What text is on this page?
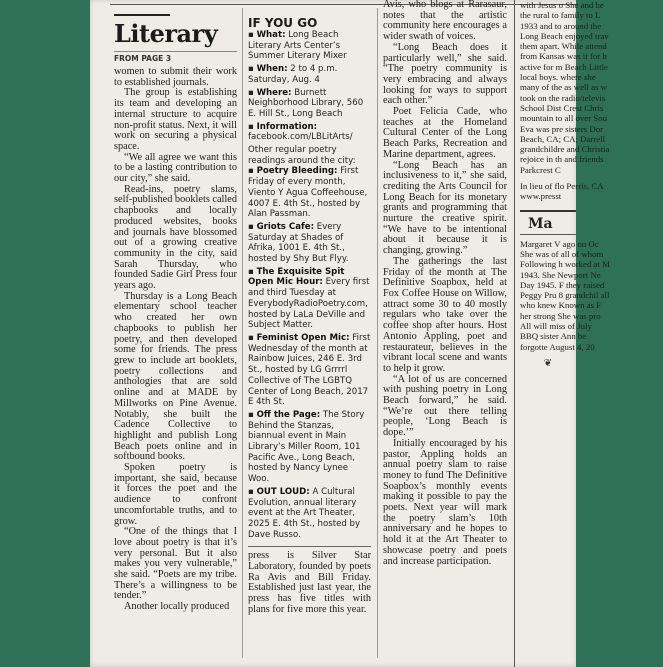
Literary
FROM PAGE 3

women to submit their work to established journals.

The group is establishing its team and developing an internal structure to acquire non-profit status. Next, it will work on securing a physical space.

“We all agree we want this to be a lasting contribution to our city,” she said.

Read-ins, poetry slams, self-published booklets called chapbooks and locally produced websites, books and journals have blossomed out of a growing creative community in the city, said Sarah Thursday, who founded Sadie Girl Press four years ago.

Thursday is a Long Beach elementary school teacher who created her own chapbooks to publish her poetry, and then developed some for friends. The press grew to include art booklets, poetry collections and anthologies that are sold online and at MADE by Millworks on Pine Avenue. Notably, she built the Cadence Collective to highlight and publish Long Beach poets online and in softbound books.

Spoken poetry is important, she said, because it forces the poet and the audience to confront uncomfortable truths, and to grow.

“One of the things that I love about poetry is that it’s very personal. But it also makes you very vulnerable,” she said. “Poets are my tribe. There’s a willingness to be tender.”

Another locally produced

IF YOU GO
▪ What: Long Beach Literary Arts Center’s Summer Literary Mixer
▪ When: 2 to 4 p.m. Saturday, Aug. 4
▪ Where: Burnett Neighborhood Library, 560 E. Hill St., Long Beach
▪ Information: facebook.com/LBLitArts/
Other regular poetry readings around the city:
▪ Poetry Bleeding: First Friday of every month, Viento Y Agua Coffeehouse, 4007 E. 4th St., hosted by Alan Passman.
▪ Griots Cafe: Every Saturday at Shades of Afrika, 1001 E. 4th St., hosted by Shy But Flyy.
▪ The Exquisite Spit Open Mic Hour: Every first and third Tuesday at EverybodyRadioPoetry.com, hosted by LaLa DeVille and Subject Matter.
▪ Feminist Open Mic: First Wednesday of the month at Rainbow Juices, 246 E. 3rd St., hosted by LG Grrrrl Collective of The LGBTQ Center of Long Beach, 2017 E 4th St.
▪ Off the Page: The Story Behind the Stanzas, biannual event in Main Library’s Miller Room, 101 Pacific Ave., Long Beach, hosted by Nancy Lynee Woo.
▪ OUT LOUD: A Cultural Evolution, annual literary event at the Art Theater, 2025 E. 4th St., hosted by Dave Russo.

press is Silver Star Laboratory, founded by poets Ra Avis and Bill Friday. Established just last year, the press has five titles with plans for five more this year.

Avis, who blogs at Rarasaur, notes that the artistic community here encourages a wider swath of voices.

“Long Beach does it particularly well,” she said. “The poetry community is very embracing and always looking for ways to support each other.”

Poet Felicia Cade, who teaches at the Homeland Cultural Center of the Long Beach Parks, Recreation and Marine department, agrees.

“Long Beach has an inclusiveness to it,” she said, crediting the Arts Council for Long Beach for its monetary grants and programming that nurture the creative spirit. “We have to be intentional about it because it is changing, growing.”

The gatherings the last Friday of the month at The Definitive Soapbox, held at Fox Coffee House on Willow, attract some 30 to 40 mostly regulars who take over the coffee shop after hours. Host Antonio Appling, poet and restaurateur, believes in the vibrant local scene and wants to help it grow.

“A lot of us are concerned with pushing poetry in Long Beach forward,” he said. “We’re out there telling people, ‘Long Beach is dope.’”

Initially encouraged by his pastor, Appling holds an annual poetry slam to raise money to fund The Definitive Soapbox’s monthly events making it possible to pay the poets. Next year will mark the poetry slam’s 10th anniversary and he hopes to hold it at the Art Theater to showcase poetry and poets and increase participation.

with Jesus o She and he the rural to family to L 1933 and to around the Long Beach enjoyed trav them apart. While attend from Kansas was it for h active for m Beach Little local boys. where she many of the as well as w took on the radio/televis School Dist Crest Chris mountain to all over Sou Eva was pre sisters Dor Beach, CA; CA; Darrell grandchildre and Christia rejoice in th and friends Parkcrest C

In lieu of flo Perris, CA www.presst

Ma

Margaret V ago on Oc She was of all of whom Following h worked at M 1943. She Newport Ne Day 1945. F they raised Peggy Pru 8 grandchil all who knew Known as F her strong She was pro All will miss of July BBQ sister Ann be forgotte August 4, 20

❦
